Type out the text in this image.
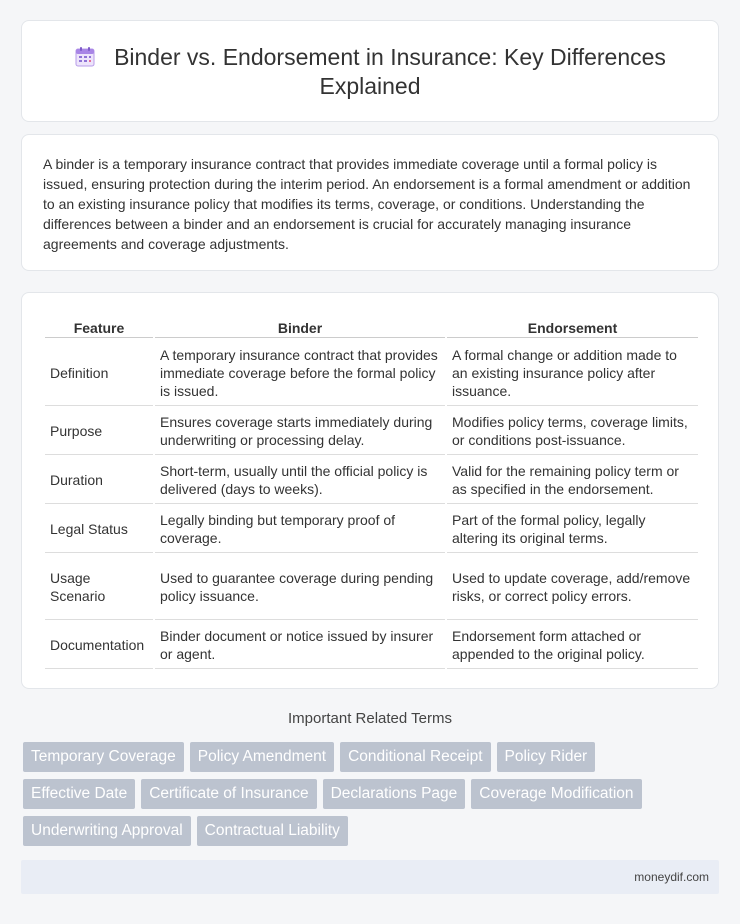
Binder vs. Endorsement in Insurance: Key Differences Explained

A binder is a temporary insurance contract that provides immediate coverage until a formal policy is issued, ensuring protection during the interim period. An endorsement is a formal amendment or addition to an existing insurance policy that modifies its terms, coverage, or conditions. Understanding the differences between a binder and an endorsement is crucial for accurately managing insurance agreements and coverage adjustments.

Feature	Binder	Endorsement
Definition	A temporary insurance contract that provides immediate coverage before the formal policy is issued.	A formal change or addition made to an existing insurance policy after issuance.
Purpose	Ensures coverage starts immediately during underwriting or processing delay.	Modifies policy terms, coverage limits, or conditions post-issuance.
Duration	Short-term, usually until the official policy is delivered (days to weeks).	Valid for the remaining policy term or as specified in the endorsement.
Legal Status	Legally binding but temporary proof of coverage.	Part of the formal policy, legally altering its original terms.
Usage Scenario	Used to guarantee coverage during pending policy issuance.	Used to update coverage, add/remove risks, or correct policy errors.
Documentation	Binder document or notice issued by insurer or agent.	Endorsement form attached or appended to the original policy.
Important Related Terms
Temporary Coverage	Policy Amendment	Conditional Receipt	Policy Rider
Effective Date	Certificate of Insurance	Declarations Page	Coverage Modification
Underwriting Approval	Contractual Liability
moneydif.com
